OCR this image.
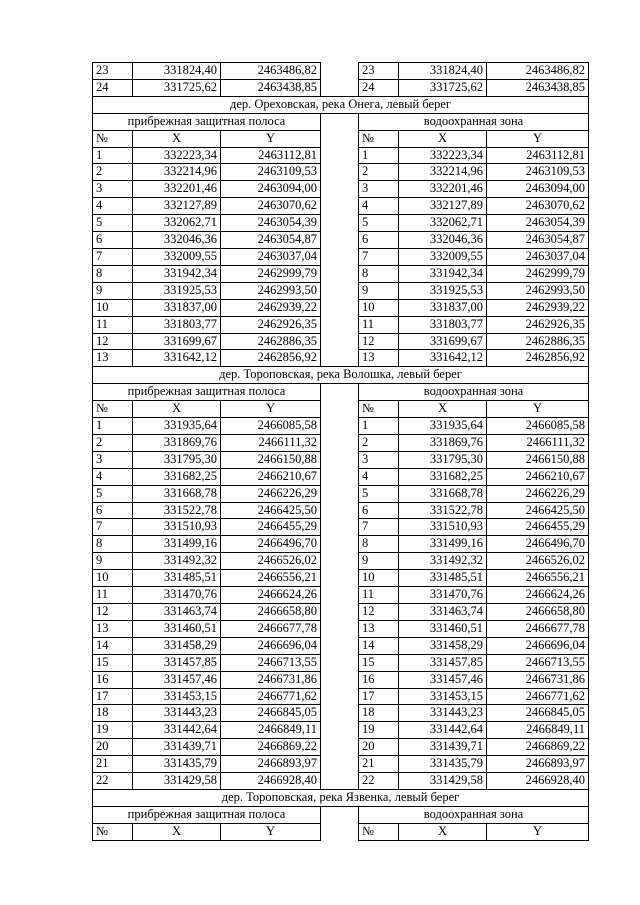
23	331824,40	2463486,82		23	331824,40	2463486,82
24	331725,62	2463438,85		24	331725,62	2463438,85
дер. Ореховская, река Онега, левый берег						
прибрежная защитная полоса				водоохранная зона		
№	X	Y		№	X	Y
1	332223,34	2463112,81		1	332223,34	2463112,81
2	332214,96	2463109,53		2	332214,96	2463109,53
3	332201,46	2463094,00		3	332201,46	2463094,00
4	332127,89	2463070,62		4	332127,89	2463070,62
5	332062,71	2463054,39		5	332062,71	2463054,39
6	332046,36	2463054,87		6	332046,36	2463054,87
7	332009,55	2463037,04		7	332009,55	2463037,04
8	331942,34	2462999,79		8	331942,34	2462999,79
9	331925,53	2462993,50		9	331925,53	2462993,50
10	331837,00	2462939,22		10	331837,00	2462939,22
11	331803,77	2462926,35		11	331803,77	2462926,35
12	331699,67	2462886,35		12	331699,67	2462886,35
13	331642,12	2462856,92		13	331642,12	2462856,92
дер. Тороповская, река Волошка, левый берег						
прибрежная защитная полоса				водоохранная зона		
№	X	Y		№	X	Y
1	331935,64	2466085,58		1	331935,64	2466085,58
2	331869,76	2466111,32		2	331869,76	2466111,32
3	331795,30	2466150,88		3	331795,30	2466150,88
4	331682,25	2466210,67		4	331682,25	2466210,67
5	331668,78	2466226,29		5	331668,78	2466226,29
6	331522,78	2466425,50		6	331522,78	2466425,50
7	331510,93	2466455,29		7	331510,93	2466455,29
8	331499,16	2466496,70		8	331499,16	2466496,70
9	331492,32	2466526,02		9	331492,32	2466526,02
10	331485,51	2466556,21		10	331485,51	2466556,21
11	331470,76	2466624,26		11	331470,76	2466624,26
12	331463,74	2466658,80		12	331463,74	2466658,80
13	331460,51	2466677,78		13	331460,51	2466677,78
14	331458,29	2466696,04		14	331458,29	2466696,04
15	331457,85	2466713,55		15	331457,85	2466713,55
16	331457,46	2466731,86		16	331457,46	2466731,86
17	331453,15	2466771,62		17	331453,15	2466771,62
18	331443,23	2466845,05		18	331443,23	2466845,05
19	331442,64	2466849,11		19	331442,64	2466849,11
20	331439,71	2466869,22		20	331439,71	2466869,22
21	331435,79	2466893,97		21	331435,79	2466893,97
22	331429,58	2466928,40		22	331429,58	2466928,40
дер. Тороповская, река Язвенка, левый берег						
прибрежная защитная полоса				водоохранная зона		
№	X	Y		№	X	Y
